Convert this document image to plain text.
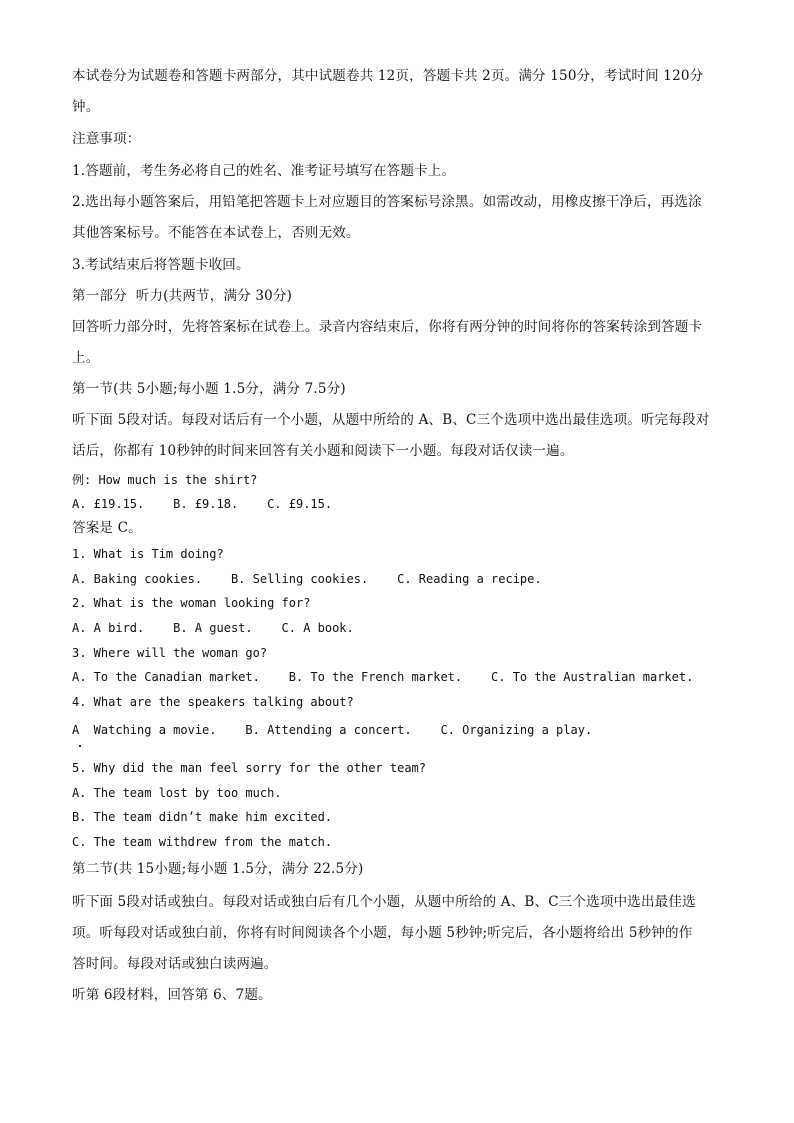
本试卷分为试题卷和答题卡两部分，其中试题卷共 12页，答题卡共 2页。满分 150分，考试时间 120分
钟。
注意事项：
1.答题前，考生务必将自己的姓名、准考证号填写在答题卡上。
2.选出每小题答案后，用铅笔把答题卡上对应题目的答案标号涂黑。如需改动，用橡皮擦干净后，再选涂
其他答案标号。不能答在本试卷上，否则无效。
3.考试结束后将答题卡收回。
第一部分  听力(共两节，满分 30分)
回答听力部分时，先将答案标在试卷上。录音内容结束后，你将有两分钟的时间将你的答案转涂到答题卡
上。
第一节(共 5小题;每小题 1.5分，满分 7.5分)
听下面 5段对话。每段对话后有一个小题，从题中所给的 A、B、C三个选项中选出最佳选项。听完每段对
话后，你都有 10秒钟的时间来回答有关小题和阅读下一小题。每段对话仅读一遍。
例: How much is the shirt?
A. £19.15.    B. £9.18.    C. £9.15.
答案是 C。
1. What is Tim doing?
A. Baking cookies.    B. Selling cookies.    C. Reading a recipe.
2. What is the woman looking for?
A. A bird.    B. A guest.    C. A book.
3. Where will the woman go?
A. To the Canadian market.    B. To the French market.    C. To the Australian market.
4. What are the speakers talking about?
A  Watching a movie.    B. Attending a concert.    C. Organizing a play.
5. Why did the man feel sorry for the other team?
A. The team lost by too much.
B. The team didn’t make him excited.
C. The team withdrew from the match.
第二节(共 15小题;每小题 1.5分，满分 22.5分)
听下面 5段对话或独白。每段对话或独白后有几个小题，从题中所给的 A、B、C三个选项中选出最佳选
项。听每段对话或独白前，你将有时间阅读各个小题，每小题 5秒钟;听完后，各小题将给出 5秒钟的作
答时间。每段对话或独白读两遍。
听第 6段材料，回答第 6、7题。
